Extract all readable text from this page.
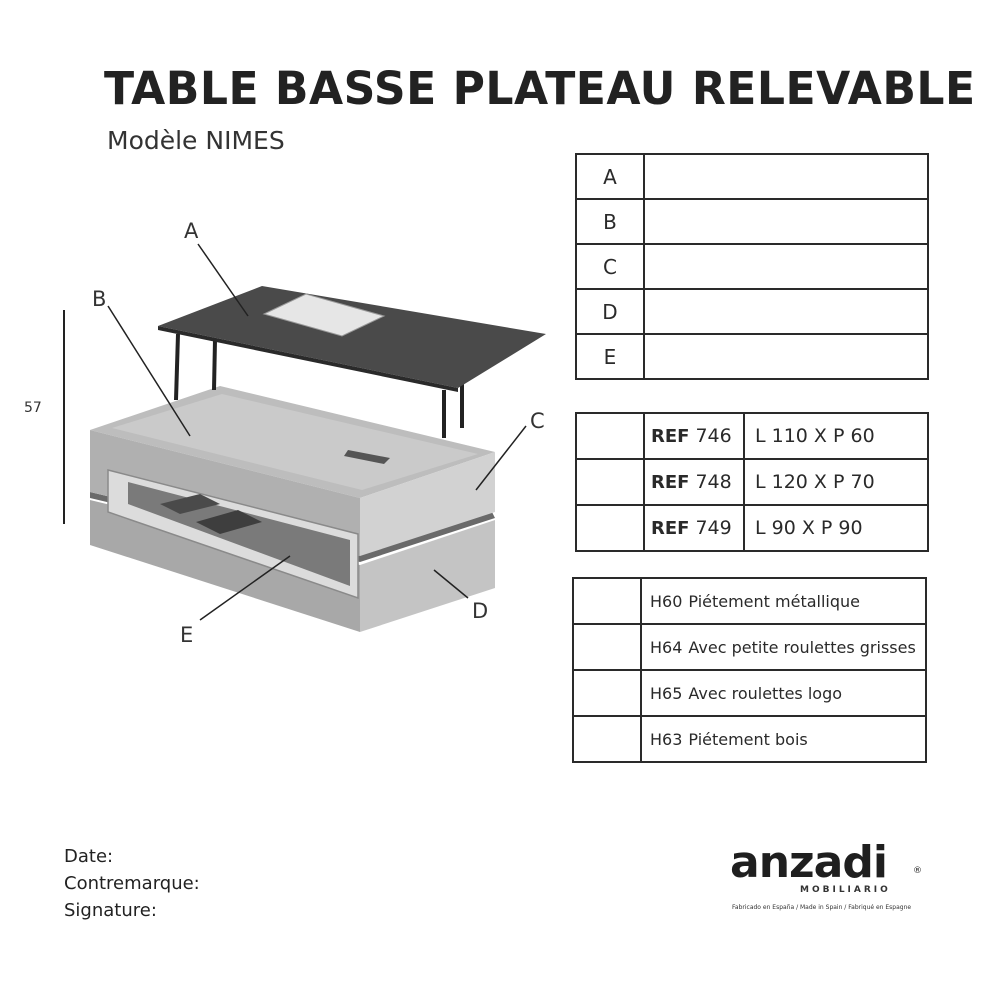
TABLE BASSE PLATEAU RELEVABLE
Modèle NIMES
57
A
B
C
D
E
A	
B	
C	
D	
E	
	REF 746	L 110 X P 60
	REF 748	L 120 X P 70
	REF 749	L 90 X P 90
	H60 Piétement métallique
	H64 Avec petite roulettes grisses
	H65 Avec roulettes logo
	H63 Piétement bois
Date:
Contremarque:
Signature:
anzadi	®
MOBILIARIO
Fabricado en España / Made in Spain / Fabriqué en Espagne
